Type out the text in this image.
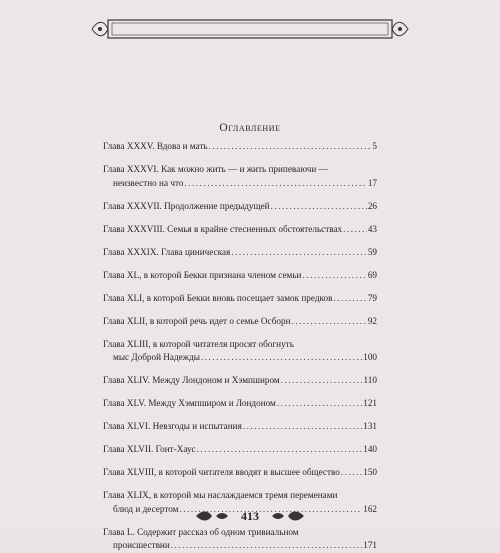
Оглавление
Глава XXXV. Вдова и мать . . .	5
Глава XXXVI. Как можно жить — и жить припеваючи —
неизвестно на что . . .	17
Глава XXXVII. Продолжение предыдущей . . .	26
Глава XXXVIII. Семья в крайне стесненных обстоятельствах . . .	43
Глава XXXIX. Глава циническая . . .	59
Глава XL, в которой Бекки признана членом семьи . . .	69
Глава XLI, в которой Бекки вновь посещает замок предков . . .	79
Глава XLII, в которой речь идет о семье Осборн . . .	92
Глава XLIII, в которой читателя просят обогнуть
мыс Доброй Надежды . . .	100
Глава XLIV. Между Лондоном и Хэмпширом . . .	110
Глава XLV. Между Хэмпширом и Лондоном . . .	121
Глава XLVI. Невзгоды и испытания . . .	131
Глава XLVII. Гонт-Хаус . . .	140
Глава XLVIII, в которой читателя вводят в высшее общество . . .	150
Глава XLIX, в которой мы наслаждаемся тремя переменами
блюд и десертом . . .	162
Глава L. Содержит рассказ об одном тривиальном
происшествии . . .	171
413
